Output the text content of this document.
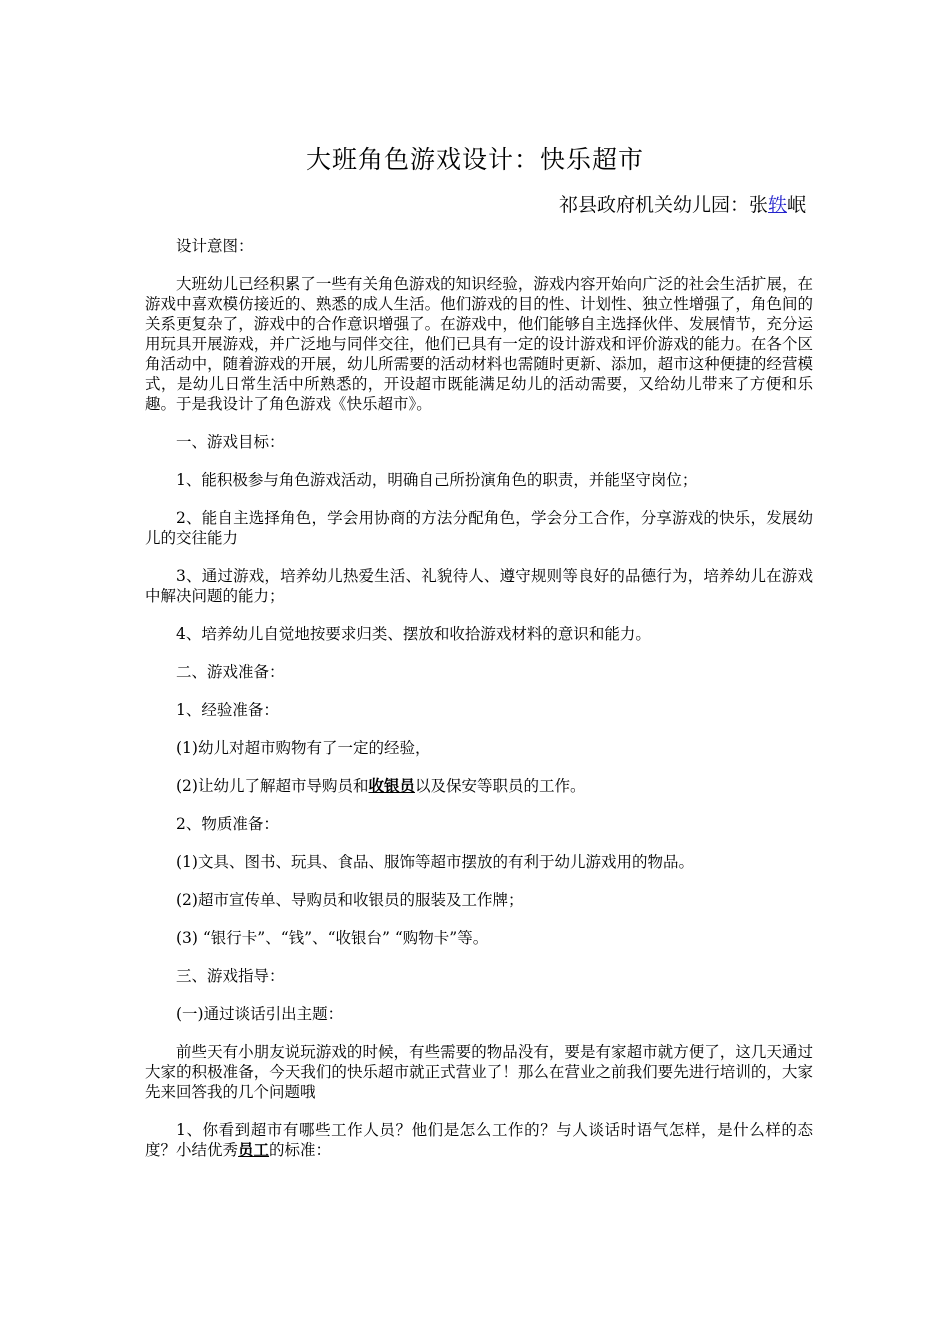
大班角色游戏设计：快乐超市
祁县政府机关幼儿园：张轶岷

设计意图：

大班幼儿已经积累了一些有关角色游戏的知识经验，游戏内容开始向广泛的社会生活扩展，在游戏中喜欢模仿接近的、熟悉的成人生活。他们游戏的目的性、计划性、独立性增强了，角色间的关系更复杂了，游戏中的合作意识增强了。在游戏中，他们能够自主选择伙伴、发展情节，充分运用玩具开展游戏，并广泛地与同伴交往，他们已具有一定的设计游戏和评价游戏的能力。在各个区角活动中，随着游戏的开展，幼儿所需要的活动材料也需随时更新、添加，超市这种便捷的经营模式，是幼儿日常生活中所熟悉的，开设超市既能满足幼儿的活动需要，又给幼儿带来了方便和乐趣。于是我设计了角色游戏《快乐超市》。

一、游戏目标：

1、能积极参与角色游戏活动，明确自己所扮演角色的职责，并能坚守岗位；

2、能自主选择角色，学会用协商的方法分配角色，学会分工合作，分享游戏的快乐，发展幼儿的交往能力

3、通过游戏，培养幼儿热爱生活、礼貌待人、遵守规则等良好的品德行为，培养幼儿在游戏中解决问题的能力；

4、培养幼儿自觉地按要求归类、摆放和收拾游戏材料的意识和能力。

二、游戏准备：

1、经验准备：

(1)幼儿对超市购物有了一定的经验，

(2)让幼儿了解超市导购员和收银员以及保安等职员的工作。

2、物质准备：

(1)文具、图书、玩具、食品、服饰等超市摆放的有利于幼儿游戏用的物品。

(2)超市宣传单、导购员和收银员的服装及工作牌；

(3) “银行卡”、“钱”、“收银台” “购物卡”等。

三、游戏指导：

(一)通过谈话引出主题：

前些天有小朋友说玩游戏的时候，有些需要的物品没有，要是有家超市就方便了，这几天通过大家的积极准备，今天我们的快乐超市就正式营业了！那么在营业之前我们要先进行培训的，大家先来回答我的几个问题哦

1、你看到超市有哪些工作人员？他们是怎么工作的？与人谈话时语气怎样，是什么样的态度？小结优秀员工的标准：
